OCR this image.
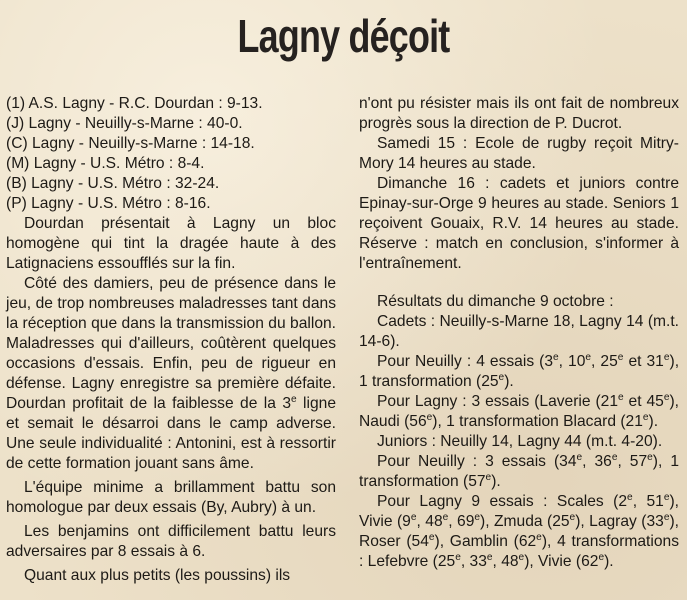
Lagny déçoit

(1) A.S. Lagny - R.C. Dourdan : 9-13.

(J) Lagny - Neuilly-s-Marne : 40-0.

(C) Lagny - Neuilly-s-Marne : 14-18.

(M) Lagny - U.S. Métro : 8-4.

(B) Lagny - U.S. Métro : 32-24.

(P) Lagny - U.S. Métro : 8-16.

Dourdan présentait à Lagny un bloc homogène qui tint la dragée haute à des Latignaciens essoufflés sur la fin.

Côté des damiers, peu de présence dans le jeu, de trop nombreuses maladresses tant dans la réception que dans la transmission du ballon. Maladresses qui d'ailleurs, coûtèrent quelques occasions d'essais. Enfin, peu de rigueur en défense. Lagny enregistre sa première défaite. Dourdan profitait de la faiblesse de la 3e ligne et semait le désarroi dans le camp adverse. Une seule individualité : Antonini, est à ressortir de cette formation jouant sans âme.

L'équipe minime a brillamment battu son homologue par deux essais (By, Aubry) à un.

Les benjamins ont difficilement battu leurs adversaires par 8 essais à 6.

Quant aux plus petits (les poussins) ils

n'ont pu résister mais ils ont fait de nombreux progrès sous la direction de P. Ducrot.

Samedi 15 : Ecole de rugby reçoit Mitry-Mory 14 heures au stade.

Dimanche 16 : cadets et juniors contre Epinay-sur-Orge 9 heures au stade. Seniors 1 reçoivent Gouaix, R.V. 14 heures au stade. Réserve : match en conclusion, s'informer à l'entraînement.

Résultats du dimanche 9 octobre :

Cadets : Neuilly-s-Marne 18, Lagny 14 (m.t. 14-6).

Pour Neuilly : 4 essais (3e, 10e, 25e et 31e), 1 transformation (25e).

Pour Lagny : 3 essais (Laverie (21e et 45e), Naudi (56e), 1 transformation Blacard (21e).

Juniors : Neuilly 14, Lagny 44 (m.t. 4-20).

Pour Neuilly : 3 essais (34e, 36e, 57e), 1 transformation (57e).

Pour Lagny 9 essais : Scales (2e, 51e), Vivie (9e, 48e, 69e), Zmuda (25e), Lagray (33e), Roser (54e), Gamblin (62e), 4 transformations : Lefebvre (25e, 33e, 48e), Vivie (62e).
